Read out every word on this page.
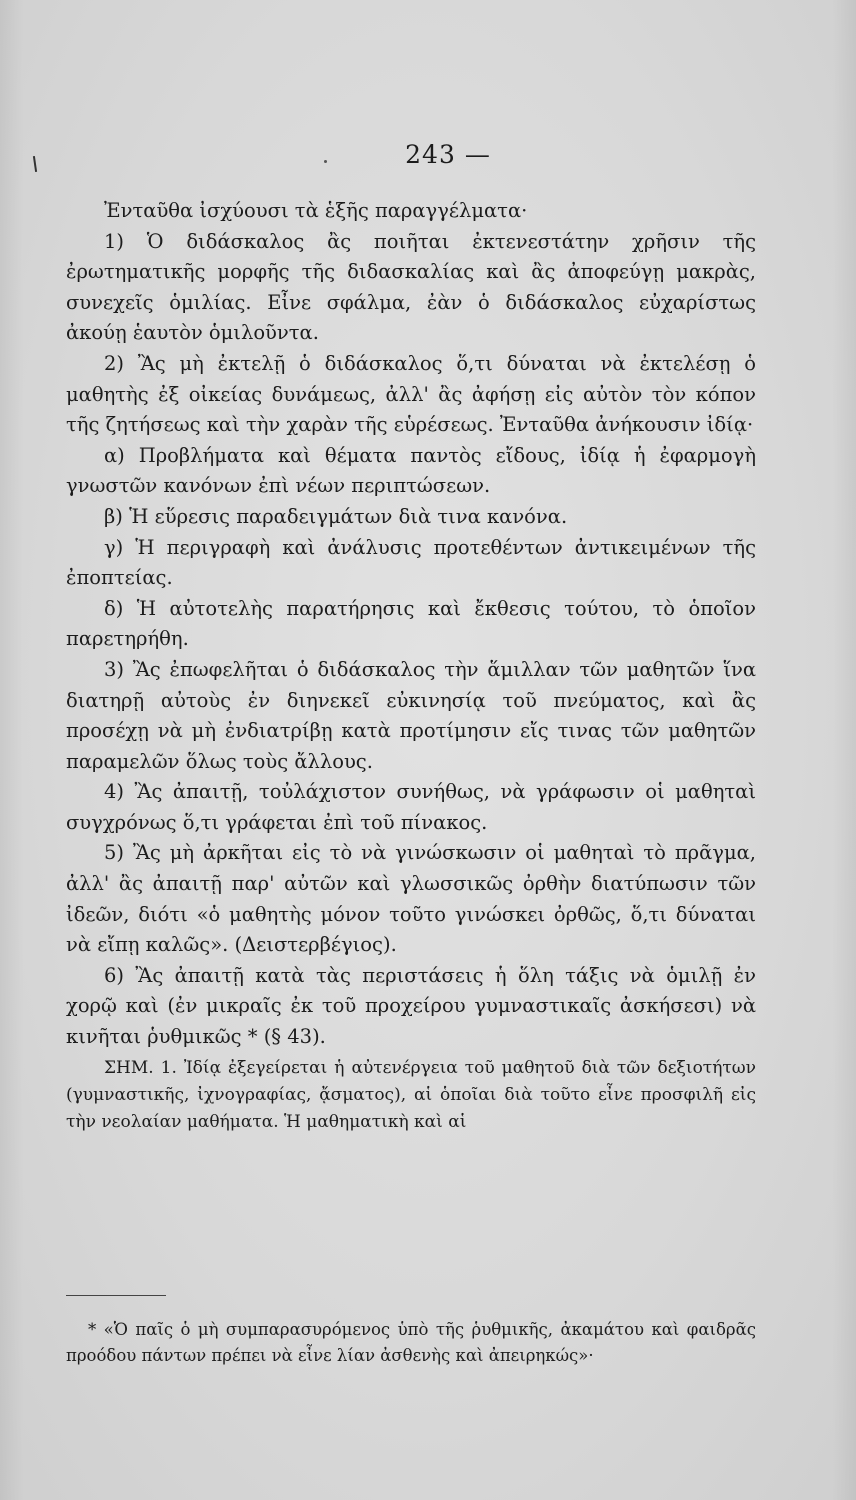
243 —

Ἐνταῦθα ἰσχύουσι τὰ ἑξῆς παραγγέλματα·

1) Ὁ διδάσκαλος ἂς ποιῆται ἐκτενεστάτην χρῆσιν τῆς ἐρωτηματικῆς μορφῆς τῆς διδασκαλίας καὶ ἂς ἀποφεύγῃ μακρὰς, συνεχεῖς ὁμιλίας. Εἶνε σφάλμα, ἐὰν ὁ διδάσκαλος εὐχαρίστως ἀκούῃ ἑαυτὸν ὁμιλοῦντα.

2) Ἂς μὴ ἐκτελῇ ὁ διδάσκαλος ὅ,τι δύναται νὰ ἐκτελέσῃ ὁ μαθητὴς ἐξ οἰκείας δυνάμεως, ἀλλ' ἂς ἀφήσῃ εἰς αὐτὸν τὸν κόπον τῆς ζητήσεως καὶ τὴν χαρὰν τῆς εὑρέσεως. Ἐνταῦθα ἀνήκουσιν ἰδίᾳ·

α) Προβλήματα καὶ θέματα παντὸς εἴδους, ἰδίᾳ ἡ ἐφαρμογὴ γνωστῶν κανόνων ἐπὶ νέων περιπτώσεων.

β) Ἡ εὕρεσις παραδειγμάτων διὰ τινα κανόνα.

γ) Ἡ περιγραφὴ καὶ ἀνάλυσις προτεθέντων ἀντικειμένων τῆς ἐποπτείας.

δ) Ἡ αὐτοτελὴς παρατήρησις καὶ ἔκθεσις τούτου, τὸ ὁποῖον παρετηρήθη.

3) Ἂς ἐπωφελῆται ὁ διδάσκαλος τὴν ἅμιλλαν τῶν μαθητῶν ἵνα διατηρῇ αὐτοὺς ἐν διηνεκεῖ εὐκινησίᾳ τοῦ πνεύματος, καὶ ἂς προσέχῃ νὰ μὴ ἐνδιατρίβῃ κατὰ προτίμησιν εἴς τινας τῶν μαθητῶν παραμελῶν ὅλως τοὺς ἄλλους.

4) Ἂς ἀπαιτῇ, τοὐλάχιστον συνήθως, νὰ γράφωσιν οἱ μαθηταὶ συγχρόνως ὅ,τι γράφεται ἐπὶ τοῦ πίνακος.

5) Ἂς μὴ ἀρκῆται εἰς τὸ νὰ γινώσκωσιν οἱ μαθηταὶ τὸ πρᾶγμα, ἀλλ' ἂς ἀπαιτῇ παρ' αὐτῶν καὶ γλωσσικῶς ὀρθὴν διατύπωσιν τῶν ἰδεῶν, διότι «ὁ μαθητὴς μόνον τοῦτο γινώσκει ὀρθῶς, ὅ,τι δύναται νὰ εἴπῃ καλῶς». (Δειστερβέγιος).

6) Ἂς ἀπαιτῇ κατὰ τὰς περιστάσεις ἡ ὅλη τάξις νὰ ὁμιλῇ ἐν χορῷ καὶ (ἐν μικραῖς ἐκ τοῦ προχείρου γυμναστικαῖς ἀσκήσεσι) νὰ κινῆται ῥυθμικῶς * (§ 43).

ΣΗΜ. 1. Ἰδίᾳ ἐξεγείρεται ἡ αὐτενέργεια τοῦ μαθητοῦ διὰ τῶν δεξιοτήτων (γυμναστικῆς, ἰχνογραφίας, ᾄσματος), αἱ ὁποῖαι διὰ τοῦτο εἶνε προσφιλῆ εἰς τὴν νεολαίαν μαθήματα. Ἡ μαθηματικὴ καὶ αἱ

* «Ὁ παῖς ὁ μὴ συμπαρασυρόμενος ὑπὸ τῆς ῥυθμικῆς, ἀκαμάτου καὶ φαιδρᾶς προόδου πάντων πρέπει νὰ εἶνε λίαν ἀσθενὴς καὶ ἀπειρηκώς»·
